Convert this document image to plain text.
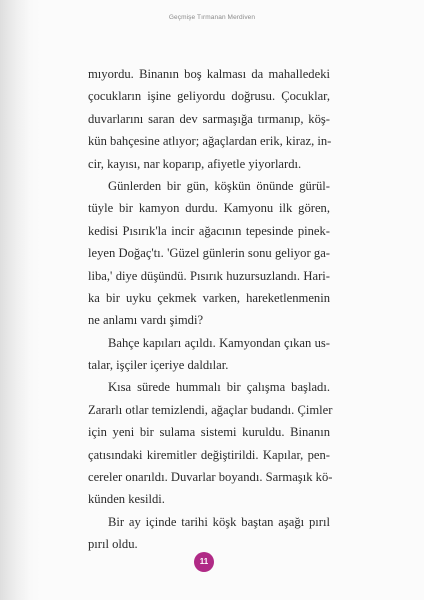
Geçmişe Tırmanan Merdiven
mıyordu. Binanın boş kalması da mahalledeki
çocukların işine geliyordu doğrusu. Çocuklar,
duvarlarını saran dev sarmaşığa tırmanıp, köş-
kün bahçesine atlıyor; ağaçlardan erik, kiraz, in-
cir, kayısı, nar koparıp, afiyetle yiyorlardı.
Günlerden bir gün, köşkün önünde gürül-
tüyle bir kamyon durdu. Kamyonu ilk gören,
kedisi Pısırık'la incir ağacının tepesinde pinek-
leyen Doğaç'tı. 'Güzel günlerin sonu geliyor ga-
liba,' diye düşündü. Pısırık huzursuzlandı. Hari-
ka bir uyku çekmek varken, hareketlenmenin
ne anlamı vardı şimdi?
Bahçe kapıları açıldı. Kamyondan çıkan us-
talar, işçiler içeriye daldılar.
Kısa sürede hummalı bir çalışma başladı.
Zararlı otlar temizlendi, ağaçlar budandı. Çimler
için yeni bir sulama sistemi kuruldu. Binanın
çatısındaki kiremitler değiştirildi. Kapılar, pen-
cereler onarıldı. Duvarlar boyandı. Sarmaşık kö-
künden kesildi.
Bir ay içinde tarihi köşk baştan aşağı pırıl
pırıl oldu.
11
